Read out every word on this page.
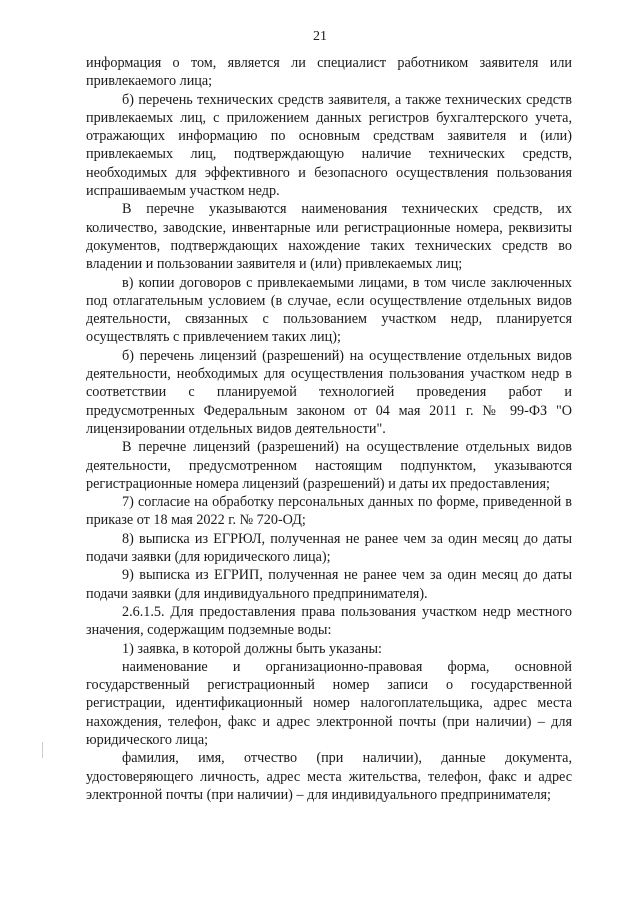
21

информация о том, является ли специалист работником заявителя или привлекаемого лица;

б) перечень технических средств заявителя, а также технических средств привлекаемых лиц, с приложением данных регистров бухгалтерского учета, отражающих информацию по основным средствам заявителя и (или) привлекаемых лиц, подтверждающую наличие технических средств, необходимых для эффективного и безопасного осуществления пользования испрашиваемым участком недр.

В перечне указываются наименования технических средств, их количество, заводские, инвентарные или регистрационные номера, реквизиты документов, подтверждающих нахождение таких технических средств во владении и пользовании заявителя и (или) привлекаемых лиц;

в) копии договоров с привлекаемыми лицами, в том числе заключенных под отлагательным условием (в случае, если осуществление отдельных видов деятельности, связанных с пользованием участком недр, планируется осуществлять с привлечением таких лиц);

б) перечень лицензий (разрешений) на осуществление отдельных видов деятельности, необходимых для осуществления пользования участком недр в соответствии с планируемой технологией проведения работ и предусмотренных Федеральным законом от 04 мая 2011 г. № 99-ФЗ "О лицензировании отдельных видов деятельности".

В перечне лицензий (разрешений) на осуществление отдельных видов деятельности, предусмотренном настоящим подпунктом, указываются регистрационные номера лицензий (разрешений) и даты их предоставления;

7) согласие на обработку персональных данных по форме, приведенной в приказе от 18 мая 2022 г. № 720-ОД;

8) выписка из ЕГРЮЛ, полученная не ранее чем за один месяц до даты подачи заявки (для юридического лица);

9) выписка из ЕГРИП, полученная не ранее чем за один месяц до даты подачи заявки (для индивидуального предпринимателя).

2.6.1.5. Для предоставления права пользования участком недр местного значения, содержащим подземные воды:

1) заявка, в которой должны быть указаны:

наименование и организационно-правовая форма, основной государственный регистрационный номер записи о государственной регистрации, идентификационный номер налогоплательщика, адрес места нахождения, телефон, факс и адрес электронной почты (при наличии) – для юридического лица;

фамилия, имя, отчество (при наличии), данные документа, удостоверяющего личность, адрес места жительства, телефон, факс и адрес электронной почты (при наличии) – для индивидуального предпринимателя;
